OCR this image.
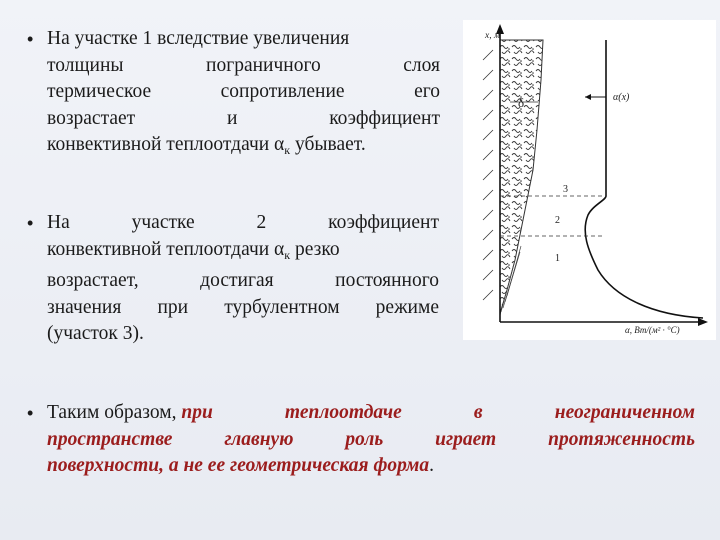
• На участке 1 вследствие увеличения
толщины	пограничного	слоя
термическое	сопротивление	его
возрастает	и	коэффициент
конвективной теплоотдачи $\alpha_к$ убывает.
• На	участке	2	коэффициент
конвективной теплоотдачи $\alpha_к$ резко
возрастает,	достигая	постоянного
значения при турбулентном режиме
(участок 3).
• Таким образом, при теплоотдаче в неограниченном
пространстве главную роль играет протяженность
поверхности, а не ее геометрическая форма.
δ
x, м
α, Вт/(м² · °С)
α(x)
3
2
1
